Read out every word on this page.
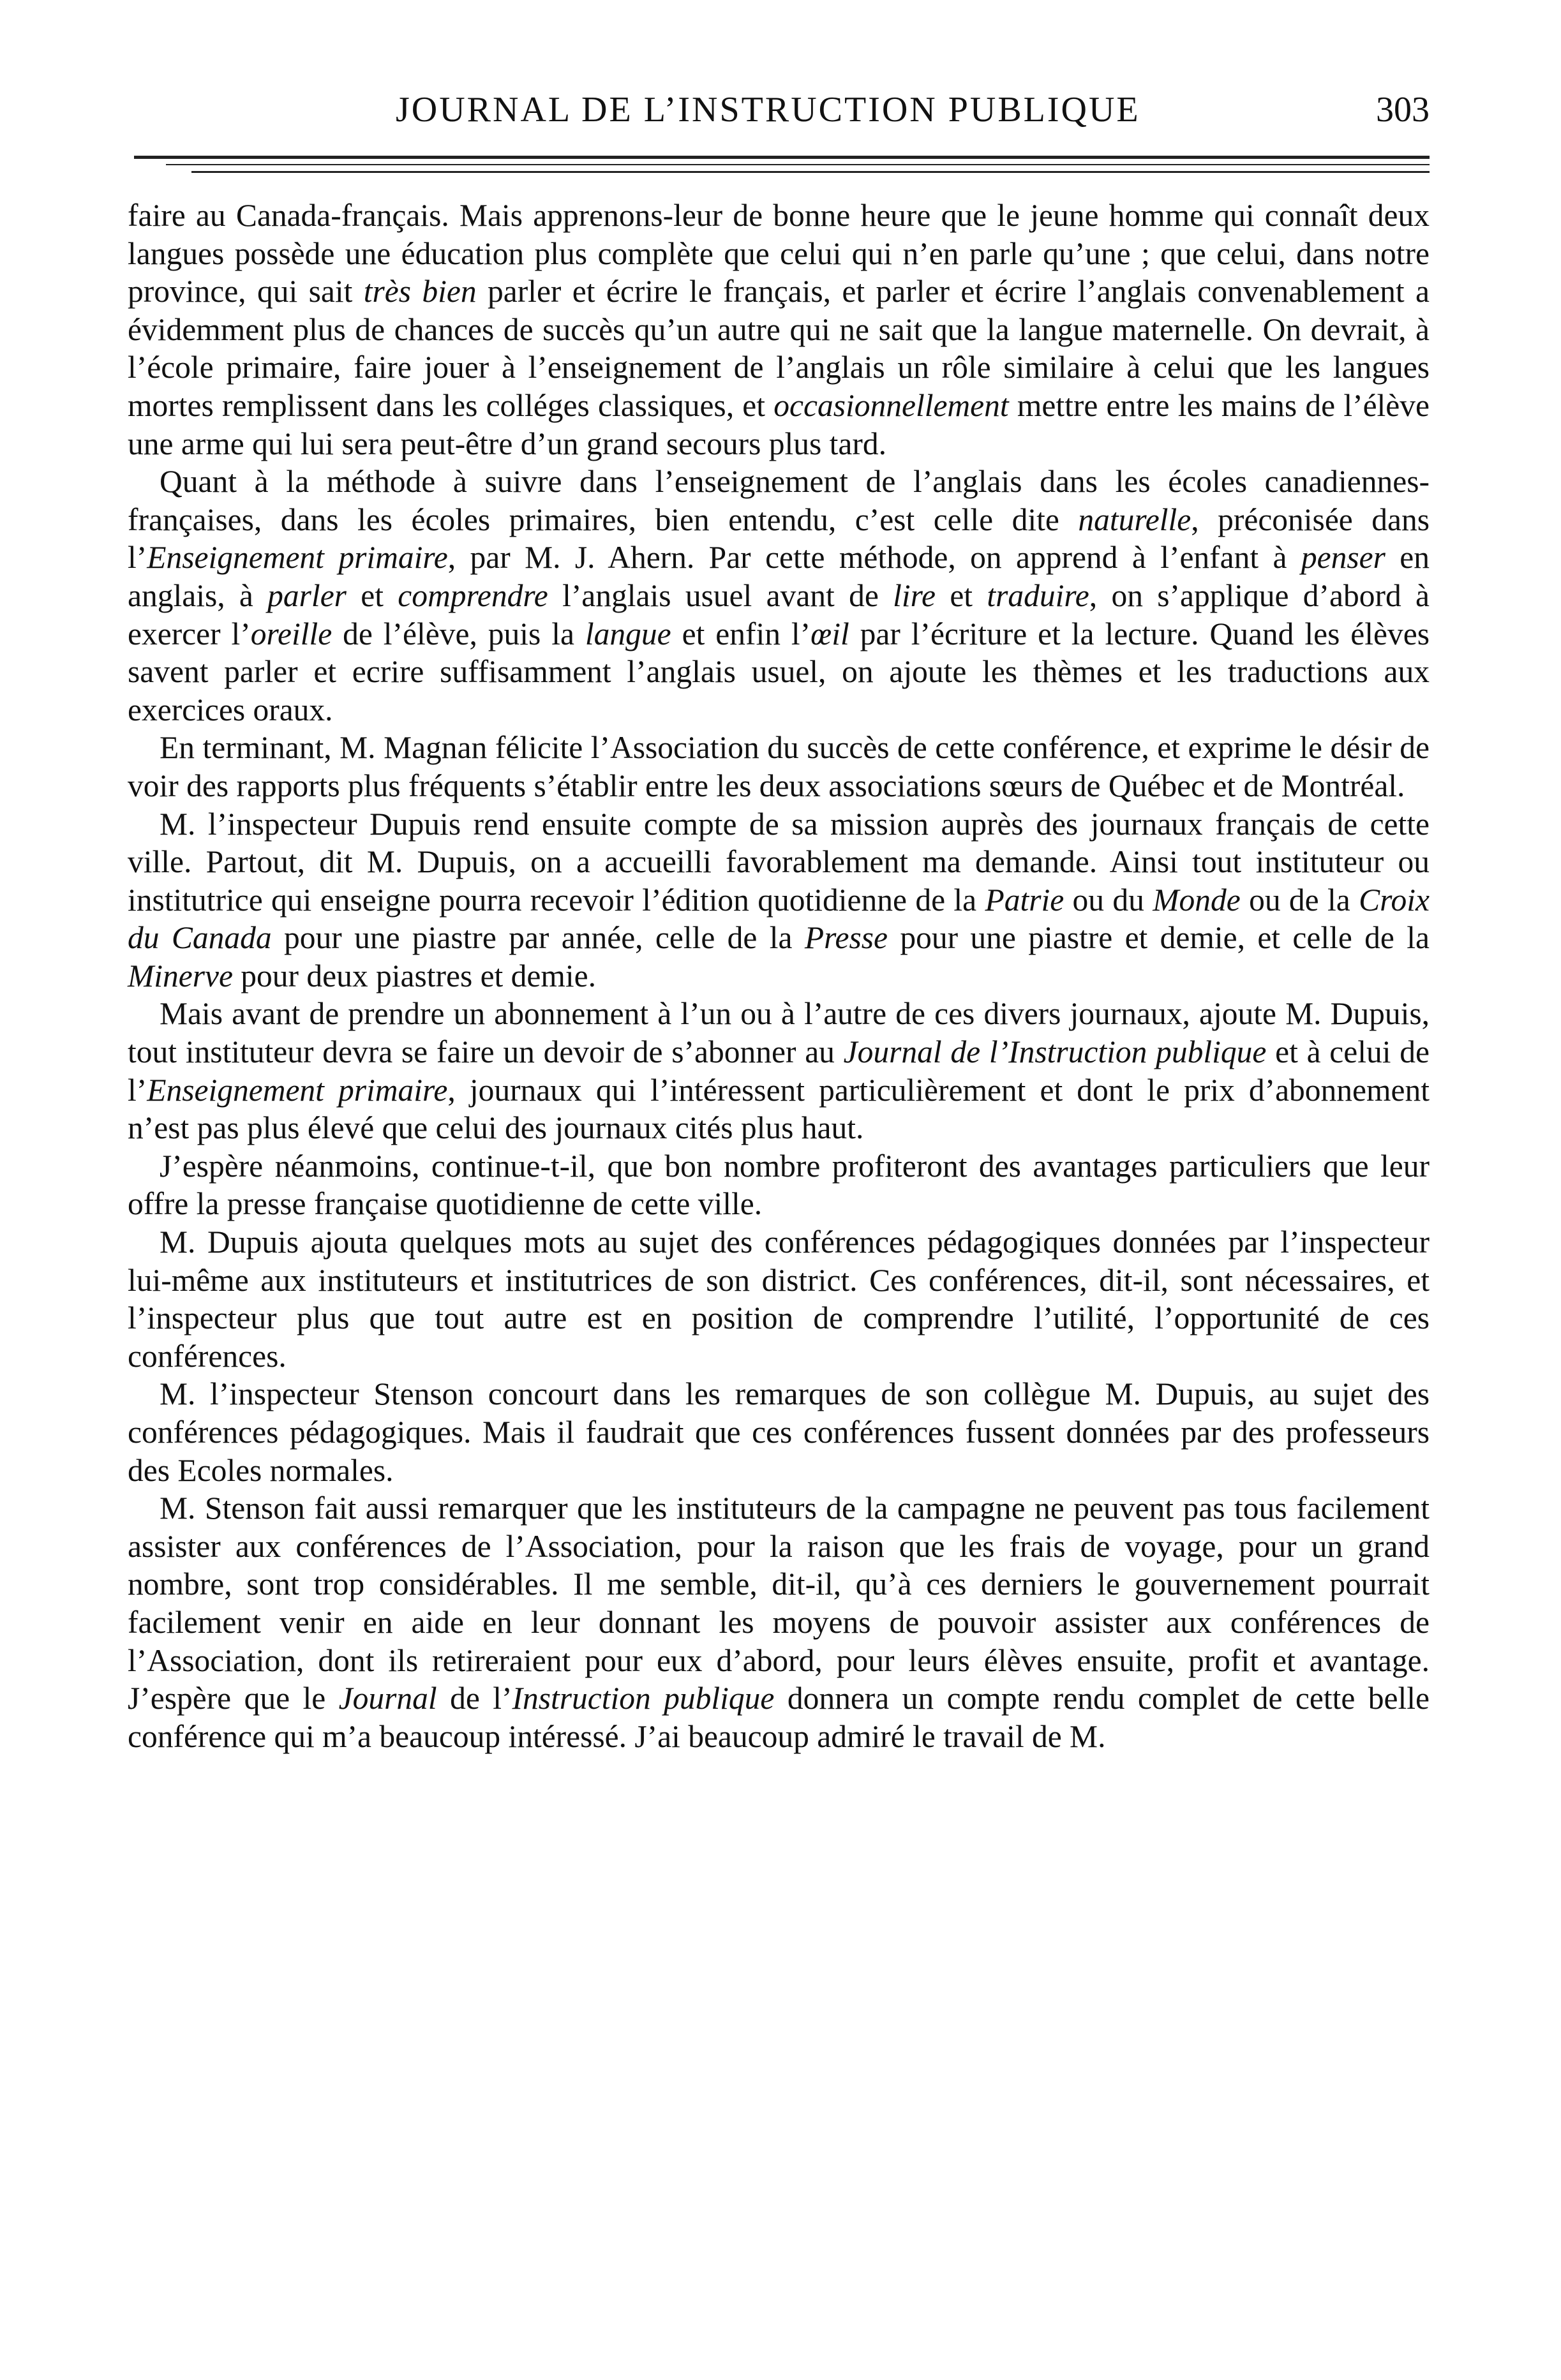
JOURNAL DE L’INSTRUCTION PUBLIQUE	303

faire au Canada-français. Mais apprenons-leur de bonne heure que le jeune homme qui connaît deux langues possède une éducation plus complète que celui qui n’en parle qu’une ; que celui, dans notre province, qui sait très bien parler et écrire le français, et parler et écrire l’anglais convenablement a évidemment plus de chances de succès qu’un autre qui ne sait que la langue maternelle. On devrait, à l’école primaire, faire jouer à l’enseignement de l’anglais un rôle similaire à celui que les langues mortes remplissent dans les colléges classiques, et occasionnellement mettre entre les mains de l’élève une arme qui lui sera peut-être d’un grand secours plus tard.

Quant à la méthode à suivre dans l’enseignement de l’anglais dans les écoles canadiennes-françaises, dans les écoles primaires, bien entendu, c’est celle dite naturelle, préconisée dans l’Enseignement primaire, par M. J. Ahern. Par cette méthode, on apprend à l’enfant à penser en anglais, à parler et comprendre l’anglais usuel avant de lire et traduire, on s’applique d’abord à exercer l’oreille de l’élève, puis la langue et enfin l’œil par l’écriture et la lecture. Quand les élèves savent parler et ecrire suffisamment l’anglais usuel, on ajoute les thèmes et les traductions aux exercices oraux.

En terminant, M. Magnan félicite l’Association du succès de cette conférence, et exprime le désir de voir des rapports plus fréquents s’établir entre les deux associations sœurs de Québec et de Montréal.

M. l’inspecteur Dupuis rend ensuite compte de sa mission auprès des journaux français de cette ville. Partout, dit M. Dupuis, on a accueilli favorablement ma demande. Ainsi tout instituteur ou institutrice qui enseigne pourra recevoir l’édition quotidienne de la Patrie ou du Monde ou de la Croix du Canada pour une piastre par année, celle de la Presse pour une piastre et demie, et celle de la Minerve pour deux piastres et demie.

Mais avant de prendre un abonnement à l’un ou à l’autre de ces divers journaux, ajoute M. Dupuis, tout instituteur devra se faire un devoir de s’abonner au Journal de l’Instruction publique et à celui de l’Enseignement primaire, journaux qui l’intéressent particulièrement et dont le prix d’abonnement n’est pas plus élevé que celui des journaux cités plus haut.

J’espère néanmoins, continue-t-il, que bon nombre profiteront des avantages particuliers que leur offre la presse française quotidienne de cette ville.

M. Dupuis ajouta quelques mots au sujet des conférences pédagogiques données par l’inspecteur lui-même aux instituteurs et institutrices de son district. Ces conférences, dit-il, sont nécessaires, et l’inspecteur plus que tout autre est en position de comprendre l’utilité, l’opportunité de ces conférences.

M. l’inspecteur Stenson concourt dans les remarques de son collègue M. Dupuis, au sujet des conférences pédagogiques. Mais il faudrait que ces conférences fussent données par des professeurs des Ecoles normales.

M. Stenson fait aussi remarquer que les instituteurs de la campagne ne peuvent pas tous facilement assister aux conférences de l’Association, pour la raison que les frais de voyage, pour un grand nombre, sont trop considérables. Il me semble, dit-il, qu’à ces derniers le gouvernement pourrait facilement venir en aide en leur donnant les moyens de pouvoir assister aux conférences de l’Association, dont ils retireraient pour eux d’abord, pour leurs élèves ensuite, profit et avantage. J’espère que le Journal de l’Instruction publique donnera un compte rendu complet de cette belle conférence qui m’a beaucoup intéressé. J’ai beaucoup admiré le travail de M.
